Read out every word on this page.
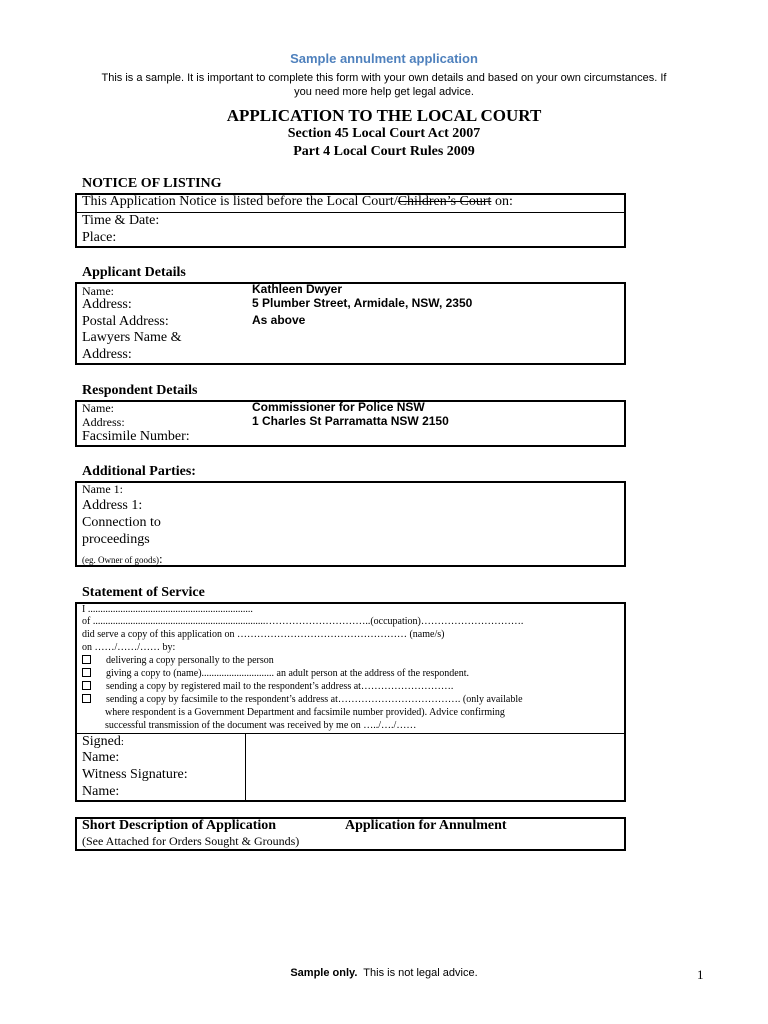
Sample annulment application
This is a sample. It is important to complete this form with your own details and based on your own circumstances. If
you need more help get legal advice.
APPLICATION TO THE LOCAL COURT
Section 45 Local Court Act 2007
Part 4 Local Court Rules 2009
NOTICE OF LISTING
This Application Notice is listed before the Local Court/Children’s Court on:
Time & Date:
Place:
Applicant Details
Name:	Kathleen Dwyer
Address:	5 Plumber Street, Armidale, NSW, 2350
Postal Address:	As above
Lawyers Name &
Address:
Respondent Details
Name:	Commissioner for Police NSW
Address:	1 Charles St Parramatta NSW 2150
Facsimile Number:
Additional Parties:
Name 1:
Address 1:
Connection to
proceedings
(eg. Owner of goods):
Statement of Service
I ..................................................................
of .....................................................................…………………………..(occupation)………………………….
did serve a copy of this application on …………………………………………… (name/s)
on ……/……/…… by:
delivering a copy personally to the person
giving a copy to (name)............................. an adult person at the address of the respondent.
sending a copy by registered mail to the respondent’s address at……………………….
sending a copy by facsimile to the respondent’s address at………………………………. (only available
where respondent is a Government Department and facsimile number provided). Advice confirming
successful transmission of the document was received by me on …../…./……
Signed:
Name:
Witness Signature:
Name:
Short Description of Application	Application for Annulment
(See Attached for Orders Sought & Grounds)
Sample only.  This is not legal advice.	1
